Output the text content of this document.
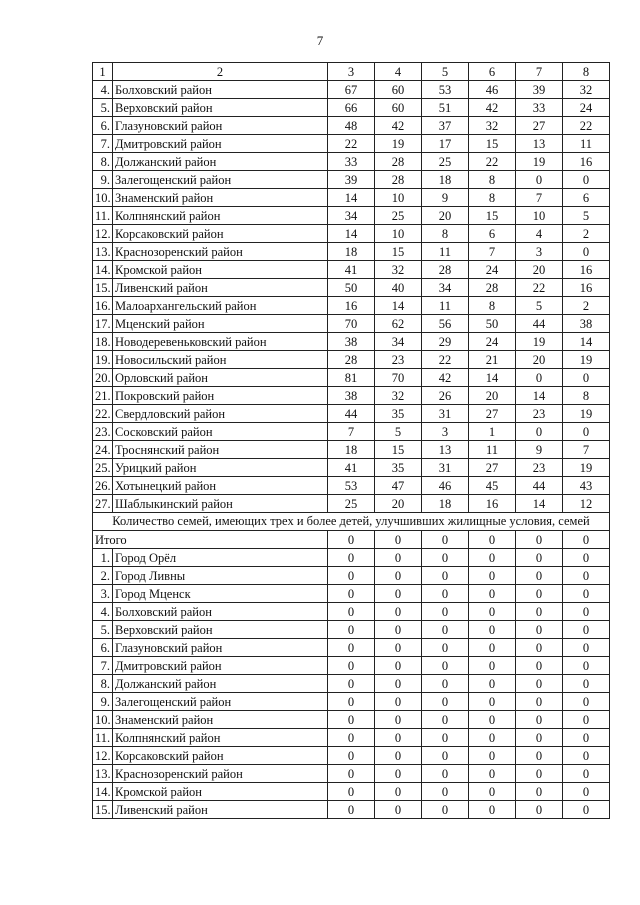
7
1	2	3	4	5	6	7	8
4.	Болховский район	67	60	53	46	39	32
5.	Верховский район	66	60	51	42	33	24
6.	Глазуновский район	48	42	37	32	27	22
7.	Дмитровский район	22	19	17	15	13	11
8.	Должанский район	33	28	25	22	19	16
9.	Залегощенский район	39	28	18	8	0	0
10.	Знаменский район	14	10	9	8	7	6
11.	Колпнянский район	34	25	20	15	10	5
12.	Корсаковский район	14	10	8	6	4	2
13.	Краснозоренский район	18	15	11	7	3	0
14.	Кромской район	41	32	28	24	20	16
15.	Ливенский район	50	40	34	28	22	16
16.	Малоархангельский район	16	14	11	8	5	2
17.	Мценский район	70	62	56	50	44	38
18.	Новодеревеньковский район	38	34	29	24	19	14
19.	Новосильский район	28	23	22	21	20	19
20.	Орловский район	81	70	42	14	0	0
21.	Покровский район	38	32	26	20	14	8
22.	Свердловский район	44	35	31	27	23	19
23.	Сосковский район	7	5	3	1	0	0
24.	Троснянский район	18	15	13	11	9	7
25.	Урицкий район	41	35	31	27	23	19
26.	Хотынецкий район	53	47	46	45	44	43
27.	Шаблыкинский район	25	20	18	16	14	12
Количество семей, имеющих трех и более детей, улучшивших жилищные условия, семей							
Итого		0	0	0	0	0	0
1.	Город Орёл	0	0	0	0	0	0
2.	Город Ливны	0	0	0	0	0	0
3.	Город Мценск	0	0	0	0	0	0
4.	Болховский район	0	0	0	0	0	0
5.	Верховский район	0	0	0	0	0	0
6.	Глазуновский район	0	0	0	0	0	0
7.	Дмитровский район	0	0	0	0	0	0
8.	Должанский район	0	0	0	0	0	0
9.	Залегощенский район	0	0	0	0	0	0
10.	Знаменский район	0	0	0	0	0	0
11.	Колпнянский район	0	0	0	0	0	0
12.	Корсаковский район	0	0	0	0	0	0
13.	Краснозоренский район	0	0	0	0	0	0
14.	Кромской район	0	0	0	0	0	0
15.	Ливенский район	0	0	0	0	0	0
